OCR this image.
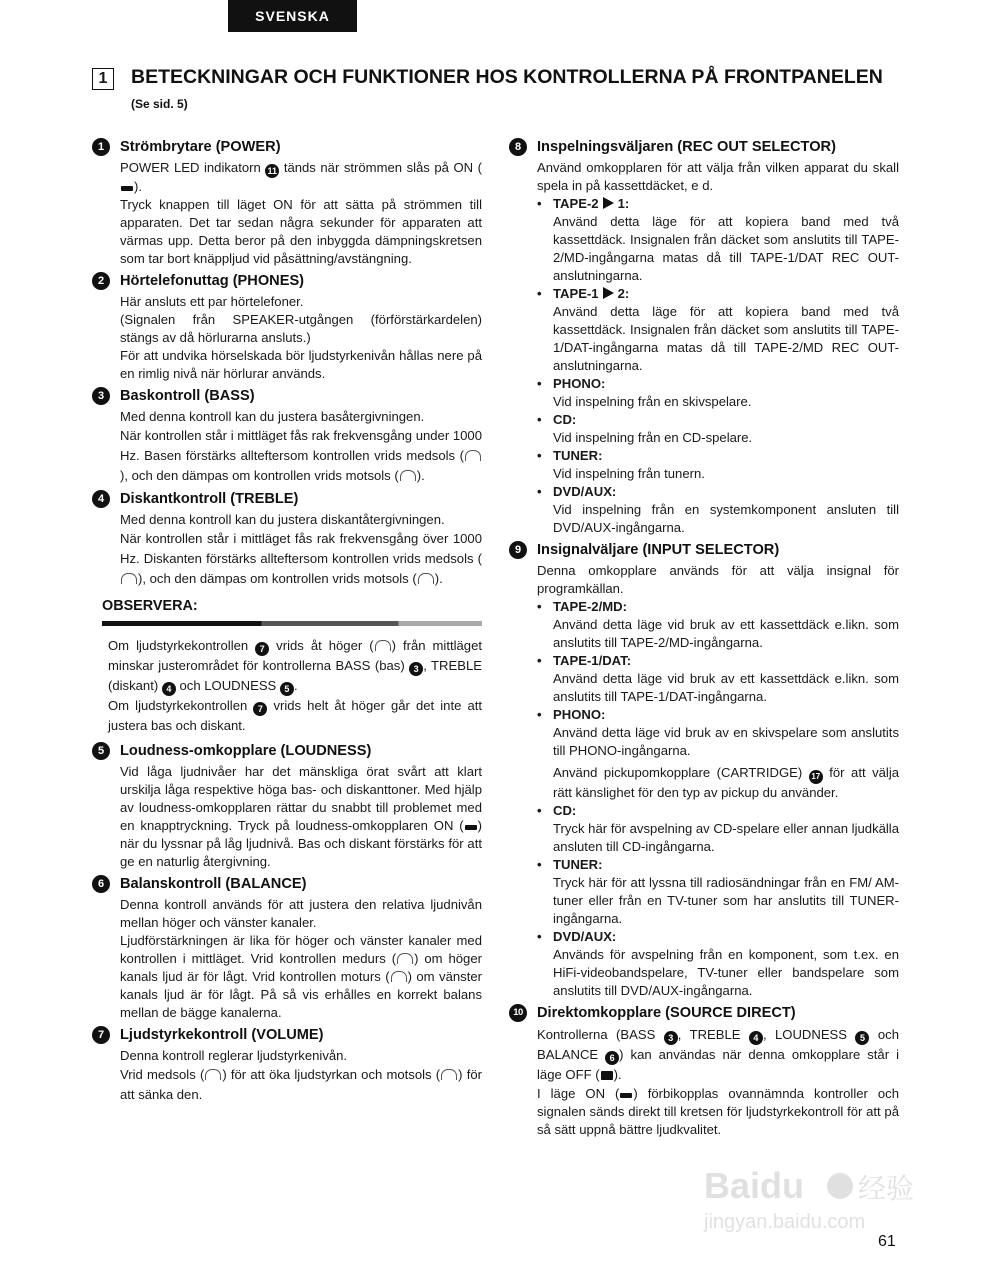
SVENSKA
1	BETECKNINGAR OCH FUNKTIONER HOS KONTROLLERNA PÅ FRONTPANELEN (Se sid. 5)
1	Strömbrytare (POWER)

POWER LED indikatorn 11 tänds när strömmen slås på ON ().

Tryck knappen till läget ON för att sätta på strömmen till apparaten. Det tar sedan några sekunder för apparaten att värmas upp. Detta beror på den inbyggda dämpningskretsen som tar bort knäppljud vid påsättning/avstängning.

2	Hörtelefonuttag (PHONES)

Här ansluts ett par hörtelefoner.

(Signalen från SPEAKER-utgången (förförstärkardelen) stängs av då hörlurarna ansluts.)

För att undvika hörselskada bör ljudstyrkenivån hållas nere på en rimlig nivå när hörlurar används.

3	Baskontroll (BASS)

Med denna kontroll kan du justera basåtergivningen.

När kontrollen står i mittläget fås rak frekvensgång under 1000 Hz. Basen förstärks allteftersom kontrollen vrids medsols (), och den dämpas om kontrollen vrids motsols ( ).

4	Diskantkontroll (TREBLE)

Med denna kontroll kan du justera diskantåtergivningen.

När kontrollen står i mittläget fås rak frekvensgång över 1000 Hz. Diskanten förstärks allteftersom kontrollen vrids medsols (), och den dämpas om kontrollen vrids motsols ( ).

OBSERVERA:

Om ljudstyrkekontrollen 7 vrids åt höger ( ) från mittläget minskar justerområdet för kontrollerna BASS (bas) 3 , TREBLE (diskant) 4 och LOUDNESS 5 .

Om ljudstyrkekontrollen 7 vrids helt åt höger går det inte att justera bas och diskant.

5	Loudness-omkopplare (LOUDNESS)

Vid låga ljudnivåer har det mänskliga örat svårt att klart urskilja låga respektive höga bas- och diskanttoner. Med hjälp av loudness-omkopplaren rättar du snabbt till problemet med en knapptryckning. Tryck på loudness-omkopplaren ON ( ) när du lyssnar på låg ljudnivå. Bas och diskant förstärks för att ge en naturlig återgivning.

6	Balanskontroll (BALANCE)

Denna kontroll används för att justera den relativa ljudnivån mellan höger och vänster kanaler.

Ljudförstärkningen är lika för höger och vänster kanaler med kontrollen i mittläget. Vrid kontrollen medurs ( ) om höger kanals ljud är för lågt. Vrid kontrollen moturs ( ) om vänster kanals ljud är för lågt. På så vis erhålles en korrekt balans mellan de bägge kanalerna.

7	Ljudstyrkekontroll (VOLUME)

Denna kontroll reglerar ljudstyrkenivån.

Vrid medsols ( ) för att öka ljudstyrkan och motsols ( ) för att sänka den.

8	Inspelningsväljaren (REC OUT SELECTOR)

Använd omkopplaren för att välja från vilken apparat du skall spela in på kassettdäcket, e d.

• TAPE-2 1:

Använd detta läge för att kopiera band med två kassettdäck. Insignalen från däcket som anslutits till TAPE-2/MD-ingångarna matas då till TAPE-1/DAT REC OUT-anslutningarna.

• TAPE-1 2:

Använd detta läge för att kopiera band med två kassettdäck. Insignalen från däcket som anslutits till TAPE-1/DAT-ingångarna matas då till TAPE-2/MD REC OUT-anslutningarna.

• PHONO:

Vid inspelning från en skivspelare.

• CD:

Vid inspelning från en CD-spelare.

• TUNER:

Vid inspelning från tunern.

• DVD/AUX:

Vid inspelning från en systemkomponent ansluten till DVD/AUX-ingångarna.

9	Insignalväljare (INPUT SELECTOR)

Denna omkopplare används för att välja insignal för programkällan.

• TAPE-2/MD:

Använd detta läge vid bruk av ett kassettdäck e.likn. som anslutits till TAPE-2/MD-ingångarna.

• TAPE-1/DAT:

Använd detta läge vid bruk av ett kassettdäck e.likn. som anslutits till TAPE-1/DAT-ingångarna.

• PHONO:

Använd detta läge vid bruk av en skivspelare som anslutits till PHONO-ingångarna.

Använd pickupomkopplare (CARTRIDGE) 17 för att välja rätt känslighet för den typ av pickup du använder.

• CD:

Tryck här för avspelning av CD-spelare eller annan ljudkälla ansluten till CD-ingångarna.

• TUNER:

Tryck här för att lyssna till radiosändningar från en FM/ AM-tuner eller från en TV-tuner som har anslutits till TUNER-ingångarna.

• DVD/AUX:

Används för avspelning från en komponent, som t.ex. en HiFi-videobandspelare, TV-tuner eller bandspelare som anslutits till DVD/AUX-ingångarna.

10 Direktomkopplare (SOURCE DIRECT)

Kontrollerna (BASS 3 , TREBLE 4 , LOUDNESS 5 och BALANCE 6 ) kan användas när denna omkopplare står i läge OFF ( ).

I läge ON ( ) förbikopplas ovannämnda kontroller och signalen sänds direkt till kretsen för ljudstyrkekontroll för att på så sätt uppnå bättre ljudkvalitet.

Baidu 经验
jingyan.baidu.com
61
